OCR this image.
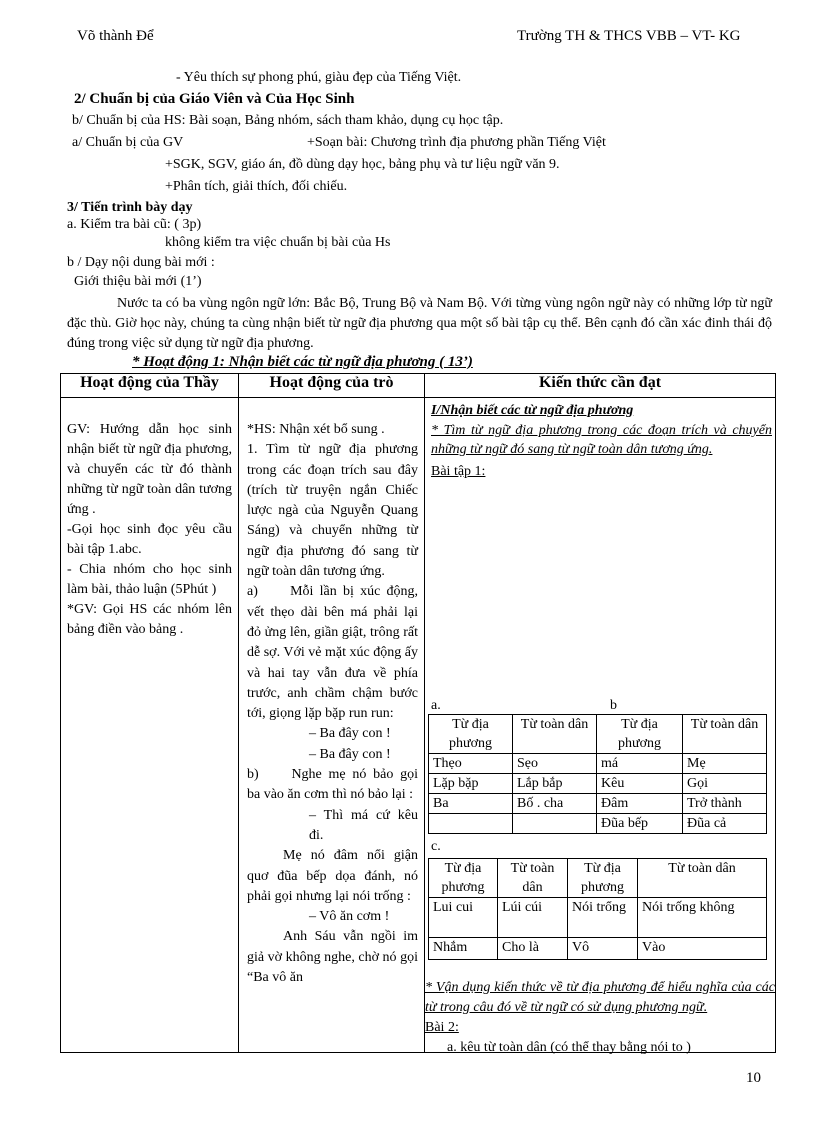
Võ thành Để	Trường TH & THCS VBB – VT- KG
- Yêu thích sự phong phú, giàu đẹp của Tiếng Việt.
2/ Chuẩn bị của Giáo Viên và Của Học Sinh
b/ Chuẩn bị của HS: Bài soạn, Bảng nhóm, sách tham khảo, dụng cụ học tập.
a/ Chuẩn bị của GV	+Soạn bài: Chương trình địa phương phần Tiếng Việt
+SGK, SGV, giáo án, đồ dùng dạy học, bảng phụ và tư liệu ngữ văn 9.
+Phân tích, giải thích, đối chiếu.
3/ Tiến trình bày dạy
a. Kiểm tra bài cũ: ( 3p)
không kiểm tra việc chuẩn bị bài của Hs
b / Dạy nội dung bài mới :
Giới thiệu bài mới (1’)
Nước ta có ba vùng ngôn ngữ lớn: Bắc Bộ, Trung Bộ và Nam Bộ. Với từng vùng ngôn ngữ này có những lớp từ ngữ đặc thù. Giờ học này, chúng ta cùng nhận biết từ ngữ địa phương qua một số bài tập cụ thể. Bên cạnh đó cần xác đinh thái độ đúng trong việc sử dụng từ ngữ địa phương.
* Hoạt động 1: Nhận biết các từ ngữ địa phương ( 13’)
Hoạt động của Thầy	Hoạt động của trò	Kiến thức cần đạt

GV: Hướng dẫn học sinh nhận biết từ ngữ địa phương, và chuyển các từ đó thành những từ ngữ toàn dân tương ứng .
-Gọi học sinh đọc yêu cầu bài tập 1.abc.
- Chia nhóm cho học sinh làm bài, thảo luận (5Phút )
*GV: Gọi HS các nhóm lên bảng điền vào bảng .

*HS: Nhận xét bổ sung .
1. Tìm từ ngữ địa phương trong các đoạn trích sau đây (trích từ truyện ngắn Chiếc lược ngà của Nguyễn Quang Sáng) và chuyển những từ ngữ địa phương đó sang từ ngữ toàn dân tương ứng.
a) Mỗi lần bị xúc động, vết thẹo dài bên má phải lại đỏ ửng lên, giần giật, trông rất dễ sợ. Với vẻ mặt xúc động ấy và hai tay vẫn đưa về phía trước, anh chầm chậm bước tới, giọng lặp bặp run run:
– Ba đây con !
– Ba đây con !
b) Nghe mẹ nó bảo gọi ba vào ăn cơm thì nó bảo lại :
– Thì má cứ kêu đi.
Mẹ nó đâm nổi giận quơ đũa bếp dọa đánh, nó phải gọi nhưng lại nói trống :
– Vô ăn cơm !
Anh Sáu vẫn ngồi im giả vờ không nghe, chờ nó gọi “Ba vô ăn

I/Nhận biết các từ ngữ địa phương
* Tìm từ ngữ địa phương trong các đoạn trích và chuyển những từ ngữ đó sang từ ngữ toàn dân tương ứng.
Bài tập 1:
a.	b
Từ địa phương	Từ toàn dân	Từ địa phương	Từ toàn dân
Thẹo	Sẹo	má	Mẹ
Lặp bặp	Lắp bắp	Kêu	Gọi
Ba	Bố . cha	Đâm	Trở thành
		Đũa bếp	Đũa cả
c.
Từ địa phương	Từ toàn dân	Từ địa phương	Từ toàn dân
Lui cui	Lúi cúi	Nói trổng	Nói trống không
Nhắm	Cho là	Vô	Vào
* Vận dụng kiến thức về từ địa phương để hiểu nghĩa của các từ trong câu đó về từ ngữ có sử dụng phương ngữ.
Bài 2:
a. kêu từ toàn dân (có thể thay bằng nói to )
10
